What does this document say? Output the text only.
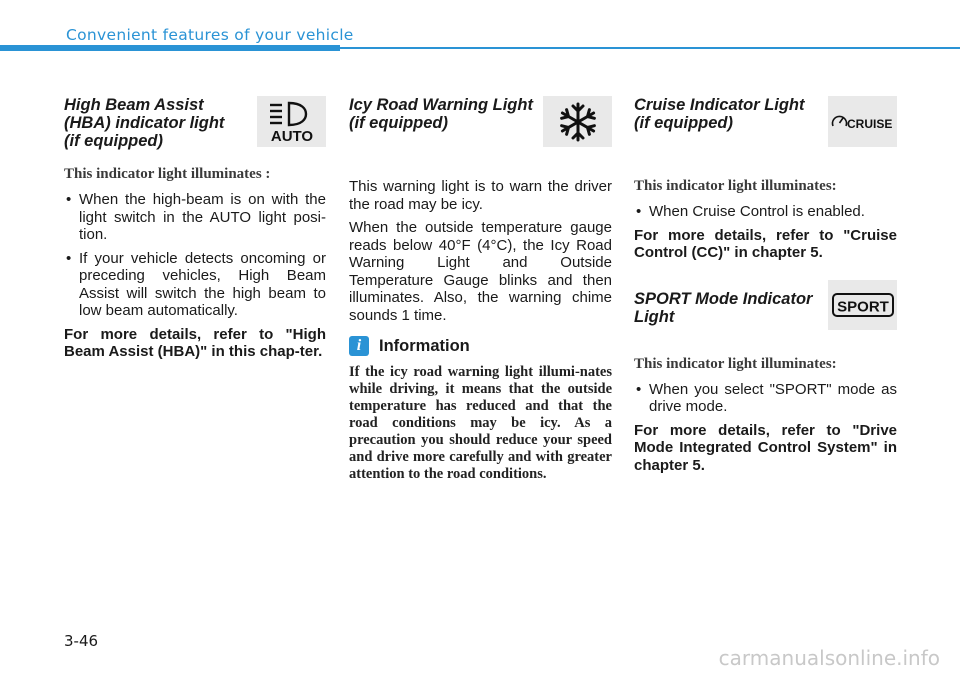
Convenient features of your vehicle
High Beam Assist (HBA) indicator light (if equipped)	AUTO
This indicator light illuminates :
• When the high-beam is on with the light switch in the AUTO light posi-tion.
• If your vehicle detects oncoming or preceding vehicles, High Beam Assist will switch the high beam to low beam automatically.

For more details, refer to "High Beam Assist (HBA)" in this chap-ter.

Icy Road Warning Light (if equipped)

This warning light is to warn the driver the road may be icy.

When the outside temperature gauge reads below 40°F (4°C), the Icy Road Warning Light and Outside Temperature Gauge blinks and then illuminates. Also, the warning chime sounds 1 time.

i	Information

If the icy road warning light illumi-nates while driving, it means that the outside temperature has reduced and that the road conditions may be icy. As a precaution you should reduce your speed and drive more carefully and with greater attention to the road conditions.

Cruise Indicator Light (if equipped)	CRUISE
This indicator light illuminates:
• When Cruise Control is enabled.

For more details, refer to "Cruise Control (CC)" in chapter 5.

SPORT Mode Indicator Light
SPORT
This indicator light illuminates:
• When you select "SPORT" mode as drive mode.

For more details, refer to "Drive Mode Integrated Control System" in chapter 5.

3-46
carmanualsonline.info
